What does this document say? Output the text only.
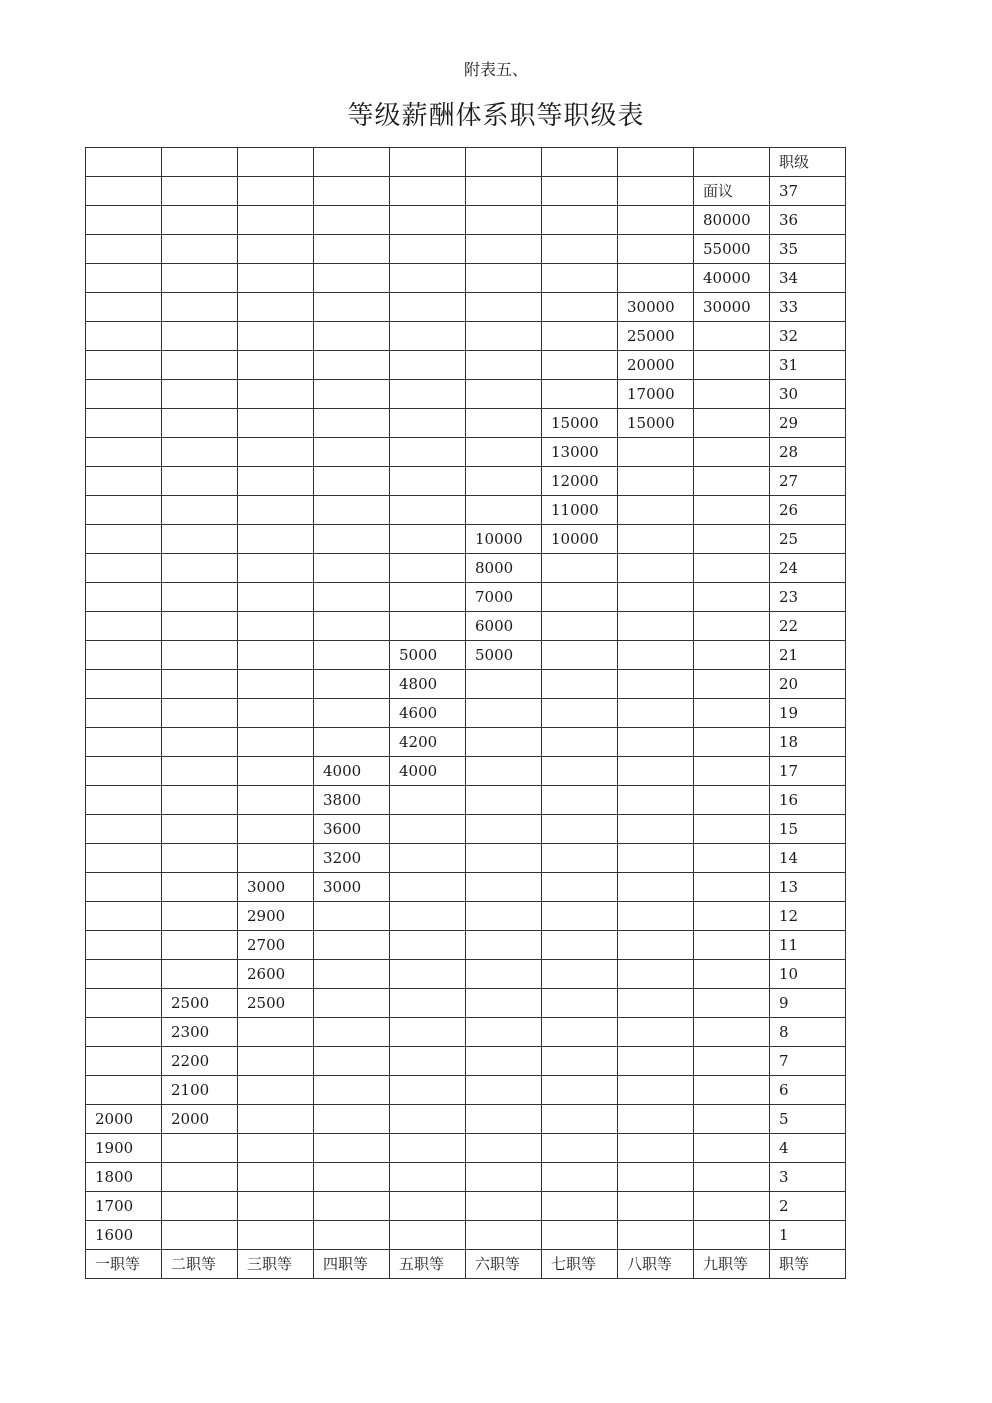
附表五、
等级薪酬体系职等职级表
									职级
								面议	37
								80000	36
								55000	35
								40000	34
							30000	30000	33
							25000		32
							20000		31
							17000		30
						15000	15000		29
						13000			28
						12000			27
						11000			26
					10000	10000			25
					8000				24
					7000				23
					6000				22
				5000	5000				21
				4800					20
				4600					19
				4200					18
			4000	4000					17
			3800						16
			3600						15
			3200						14
		3000	3000						13
		2900							12
		2700							11
		2600							10
	2500	2500							9
	2300								8
	2200								7
	2100								6
2000	2000								5
1900									4
1800									3
1700									2
1600									1
一职等	二职等	三职等	四职等	五职等	六职等	七职等	八职等	九职等	职等
